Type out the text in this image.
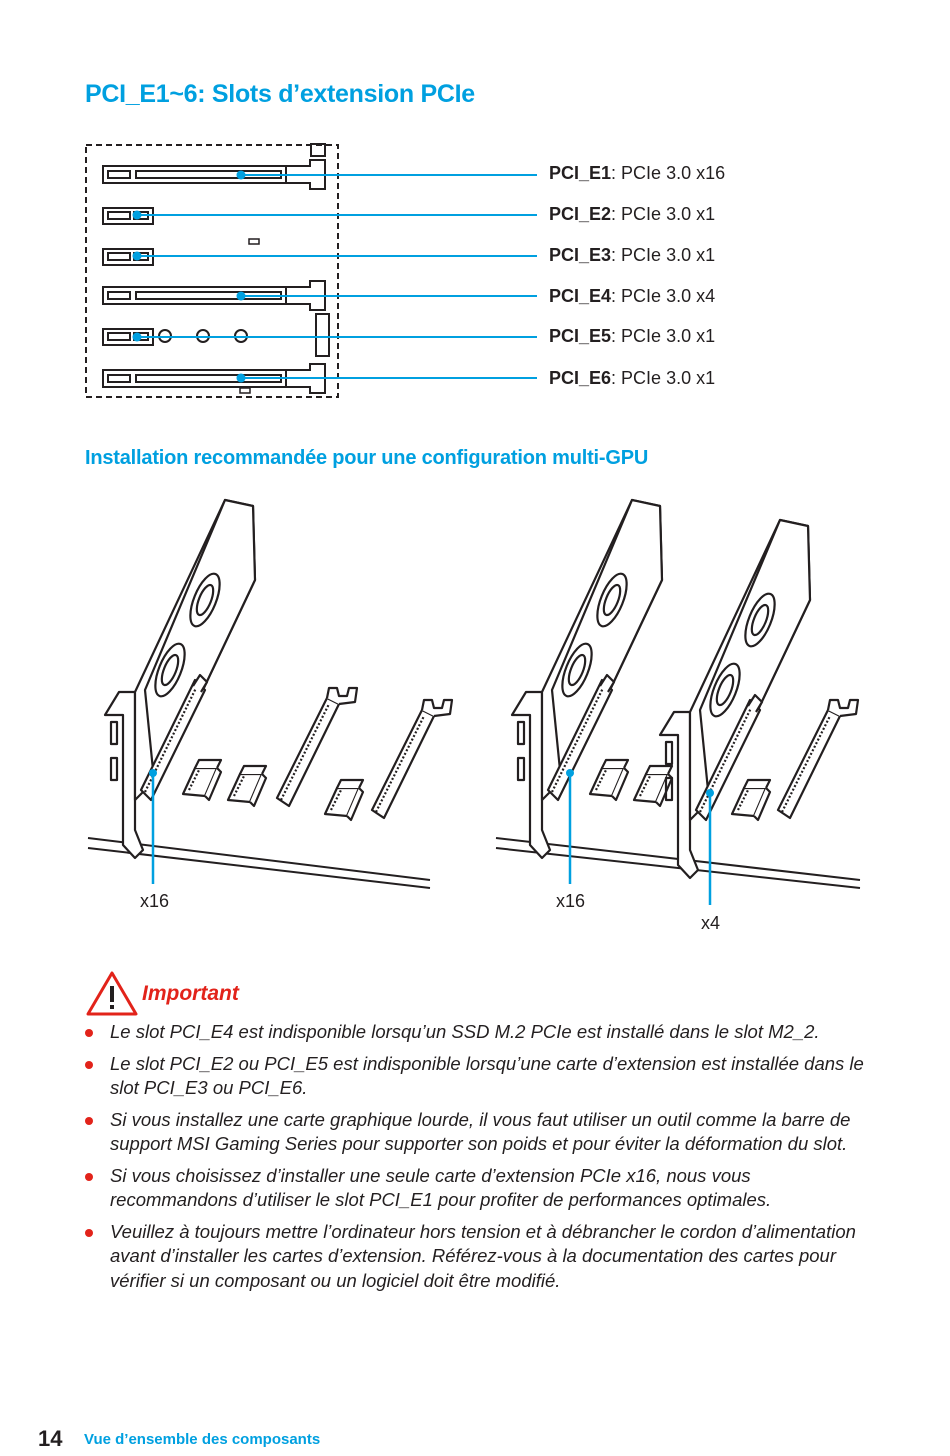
PCI_E1~6: Slots d’extension PCIe
PCI_E1: PCIe 3.0 x16
PCI_E2: PCIe 3.0 x1
PCI_E3: PCIe 3.0 x1
PCI_E4: PCIe 3.0 x4
PCI_E5: PCIe 3.0 x1
PCI_E6: PCIe 3.0 x1
Installation recommandée pour une configuration multi-GPU
x16	x16
x4
Important
Le slot PCI_E4 est indisponible lorsqu’un SSD M.2 PCIe est installé dans le slot M2_2.
Le slot PCI_E2 ou PCI_E5 est indisponible lorsqu’une carte d’extension est installée dans le slot PCI_E3 ou PCI_E6.
Si vous installez une carte graphique lourde, il vous faut utiliser un outil comme la barre de support MSI Gaming Series pour supporter son poids et pour éviter la déformation du slot.
Si vous choisissez d’installer une seule carte d’extension PCIe x16, nous vous recommandons d’utiliser le slot PCI_E1 pour profiter de performances optimales.
Veuillez à toujours mettre l’ordinateur hors tension et à débrancher le cordon d’alimentation avant d’installer les cartes d’extension. Référez-vous à la documentation des cartes pour vérifier si un composant ou un logiciel doit être modifié.
14 Vue d’ensemble des composants
